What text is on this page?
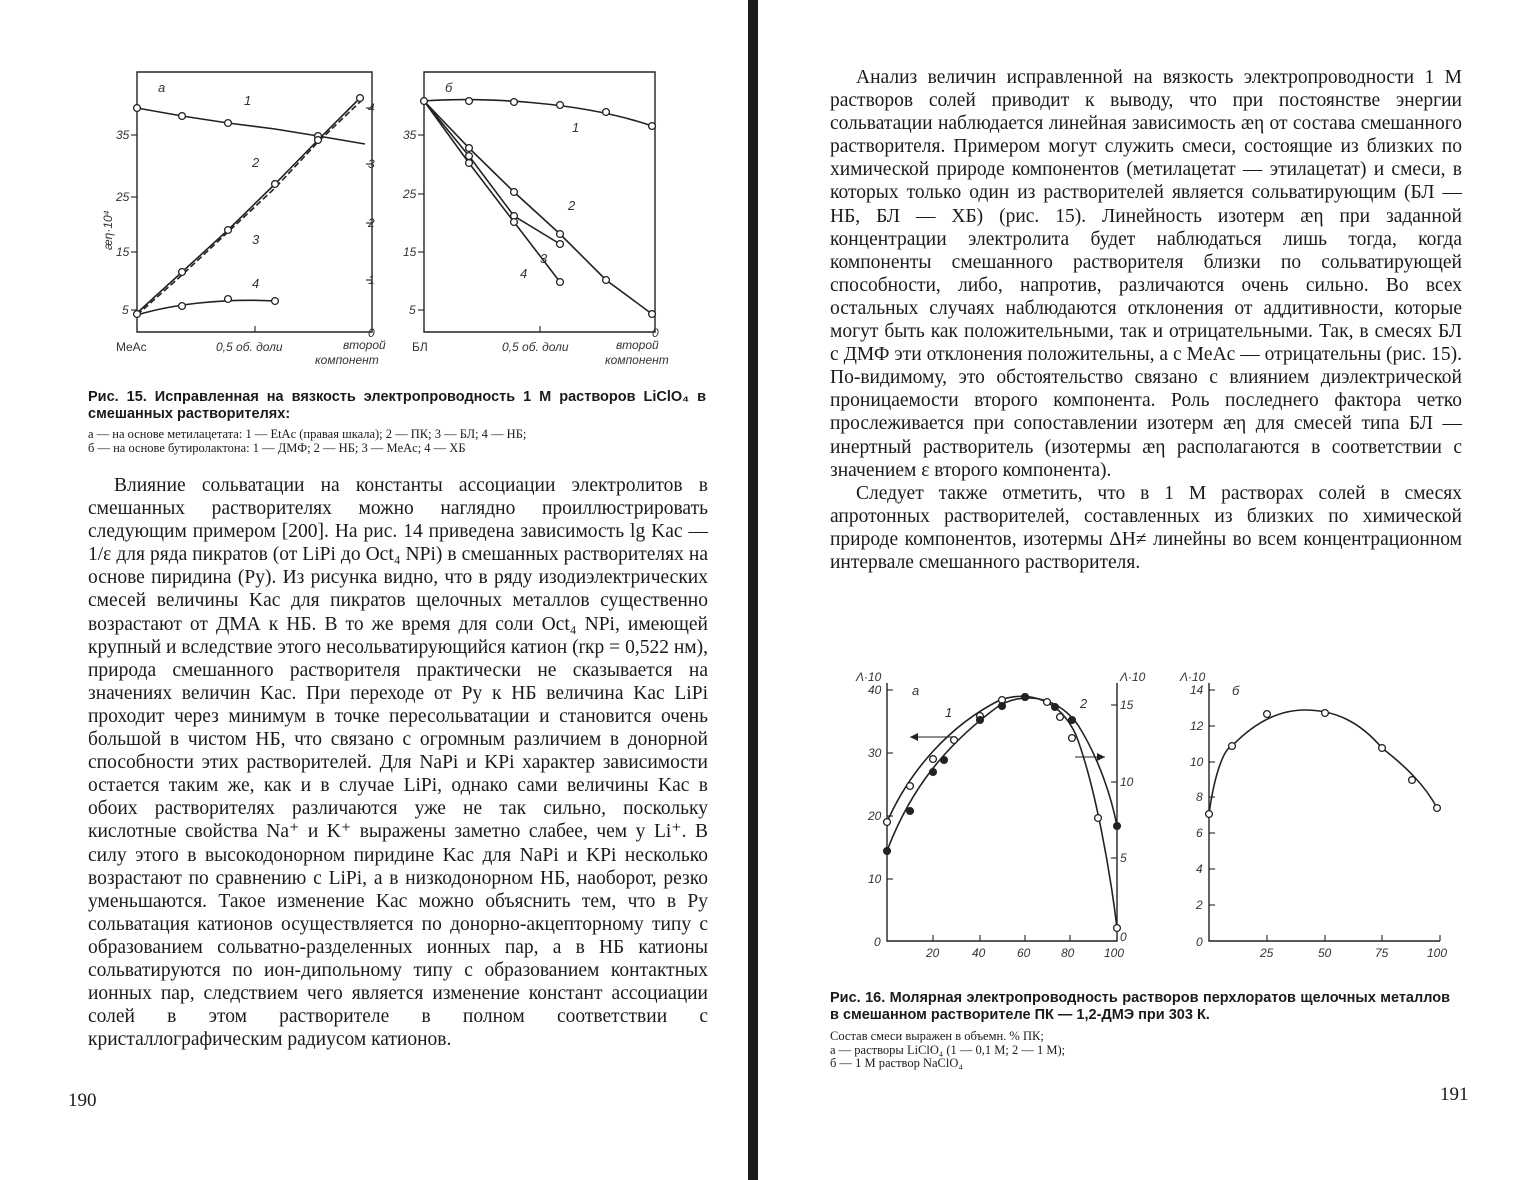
а
æη·10⁴
35
25
15
5
4
3
2
1
0
MeAc	0,5 об. доли	второй
компонент
1
2
3
4
б
35
25
15
5
0
БЛ	0,5 об. доли	второй
компонент
1
2
3
4
Рис. 15. Исправленная на вязкость электропроводность 1 М растворов LiClO₄ в смешанных растворителях:
а — на основе метилацетата: 1 — EtAc (правая шкала); 2 — ПК; 3 — БЛ; 4 — НБ;
б — на основе бутиролактона: 1 — ДМФ; 2 — НБ; 3 — MeAc; 4 — ХБ

Влияние сольватации на константы ассоциации электролитов в смешанных растворителях можно наглядно проиллюстрировать следующим примером [200]. На рис. 14 приведена зависимость lg Kас — 1/ε для ряда пикратов (от LiPi до Oct₄ NPi) в смешанных растворителях на основе пиридина (Py). Из рисунка видно, что в ряду изодиэлектрических смесей величины Kас для пикратов щелочных металлов существенно возрастают от ДМА к НБ. В то же время для соли Oct₄ NPi, имеющей крупный и вследствие этого несольватирующийся катион (rкр = 0,522 нм), природа смешанного растворителя практически не сказывается на значениях величин Kас. При переходе от Py к НБ величина Kас LiPi проходит через минимум в точке пересольватации и становится очень большой в чистом НБ, что связано с огромным различием в донорной способности этих растворителей. Для NaPi и KPi характер зависимости остается таким же, как и в случае LiPi, однако сами величины Kас в обоих растворителях различаются уже не так сильно, поскольку кислотные свойства Na⁺ и K⁺ выражены заметно слабее, чем у Li⁺. В силу этого в высокодонорном пиридине Kас для NaPi и KPi несколько возрастают по сравнению с LiPi, а в низкодонорном НБ, наоборот, резко уменьшаются. Такое изменение Kас можно объяснить тем, что в Py сольватация катионов осуществляется по донорно-акцепторному типу с образованием сольватно-разделенных ионных пар, а в НБ катионы сольватируются по ион-дипольному типу с образованием контактных ионных пар, следствием чего является изменение констант ассоциации солей в этом растворителе в полном соответствии с кристаллографическим радиусом катионов.

190

Анализ величин исправленной на вязкость электропроводности 1 М растворов солей приводит к выводу, что при постоянстве энергии сольватации наблюдается линейная зависимость æη от состава смешанного растворителя. Примером могут служить смеси, состоящие из близких по химической природе компонентов (метилацетат — этилацетат) и смеси, в которых только один из растворителей является сольватирующим (БЛ — НБ, БЛ — ХБ) (рис. 15). Линейность изотерм æη при заданной концентрации электролита будет наблюдаться лишь тогда, когда компоненты смешанного растворителя близки по сольватирующей способности, либо, напротив, различаются очень сильно. Во всех остальных случаях наблюдаются отклонения от аддитивности, которые могут быть как положительными, так и отрицательными. Так, в смесях БЛ с ДМФ эти отклонения положительны, а с MeAc — отрицательны (рис. 15). По-видимому, это обстоятельство связано с влиянием диэлектрической проницаемости второго компонента. Роль последнего фактора четко прослеживается при сопоставлении изотерм æη для смесей типа БЛ — инертный растворитель (изотермы æη располагаются в соответствии с значением ε второго компонента).

Следует также отметить, что в 1 М растворах солей в смесях апротонных растворителей, составленных из близких по химической природе компонентов, изотермы ΔH≠ линейны во всем концентрационном интервале смешанного растворителя.

Λ·10	Λ·10
а
0
10
20
30
40
0
5
10
15
20	40	60	80 100
1
2
Λ·10
б
0
2
4
6
8
10
12
14
25	50	75	100
Рис. 16. Молярная электропроводность растворов перхлоратов щелочных металлов в смешанном растворителе ПК — 1,2-ДМЭ при 303 К.
Состав смеси выражен в объемн. % ПК;
а — растворы LiClO₄ (1 — 0,1 М; 2 — 1 М);
б — 1 М раствор NaClO₄
191
